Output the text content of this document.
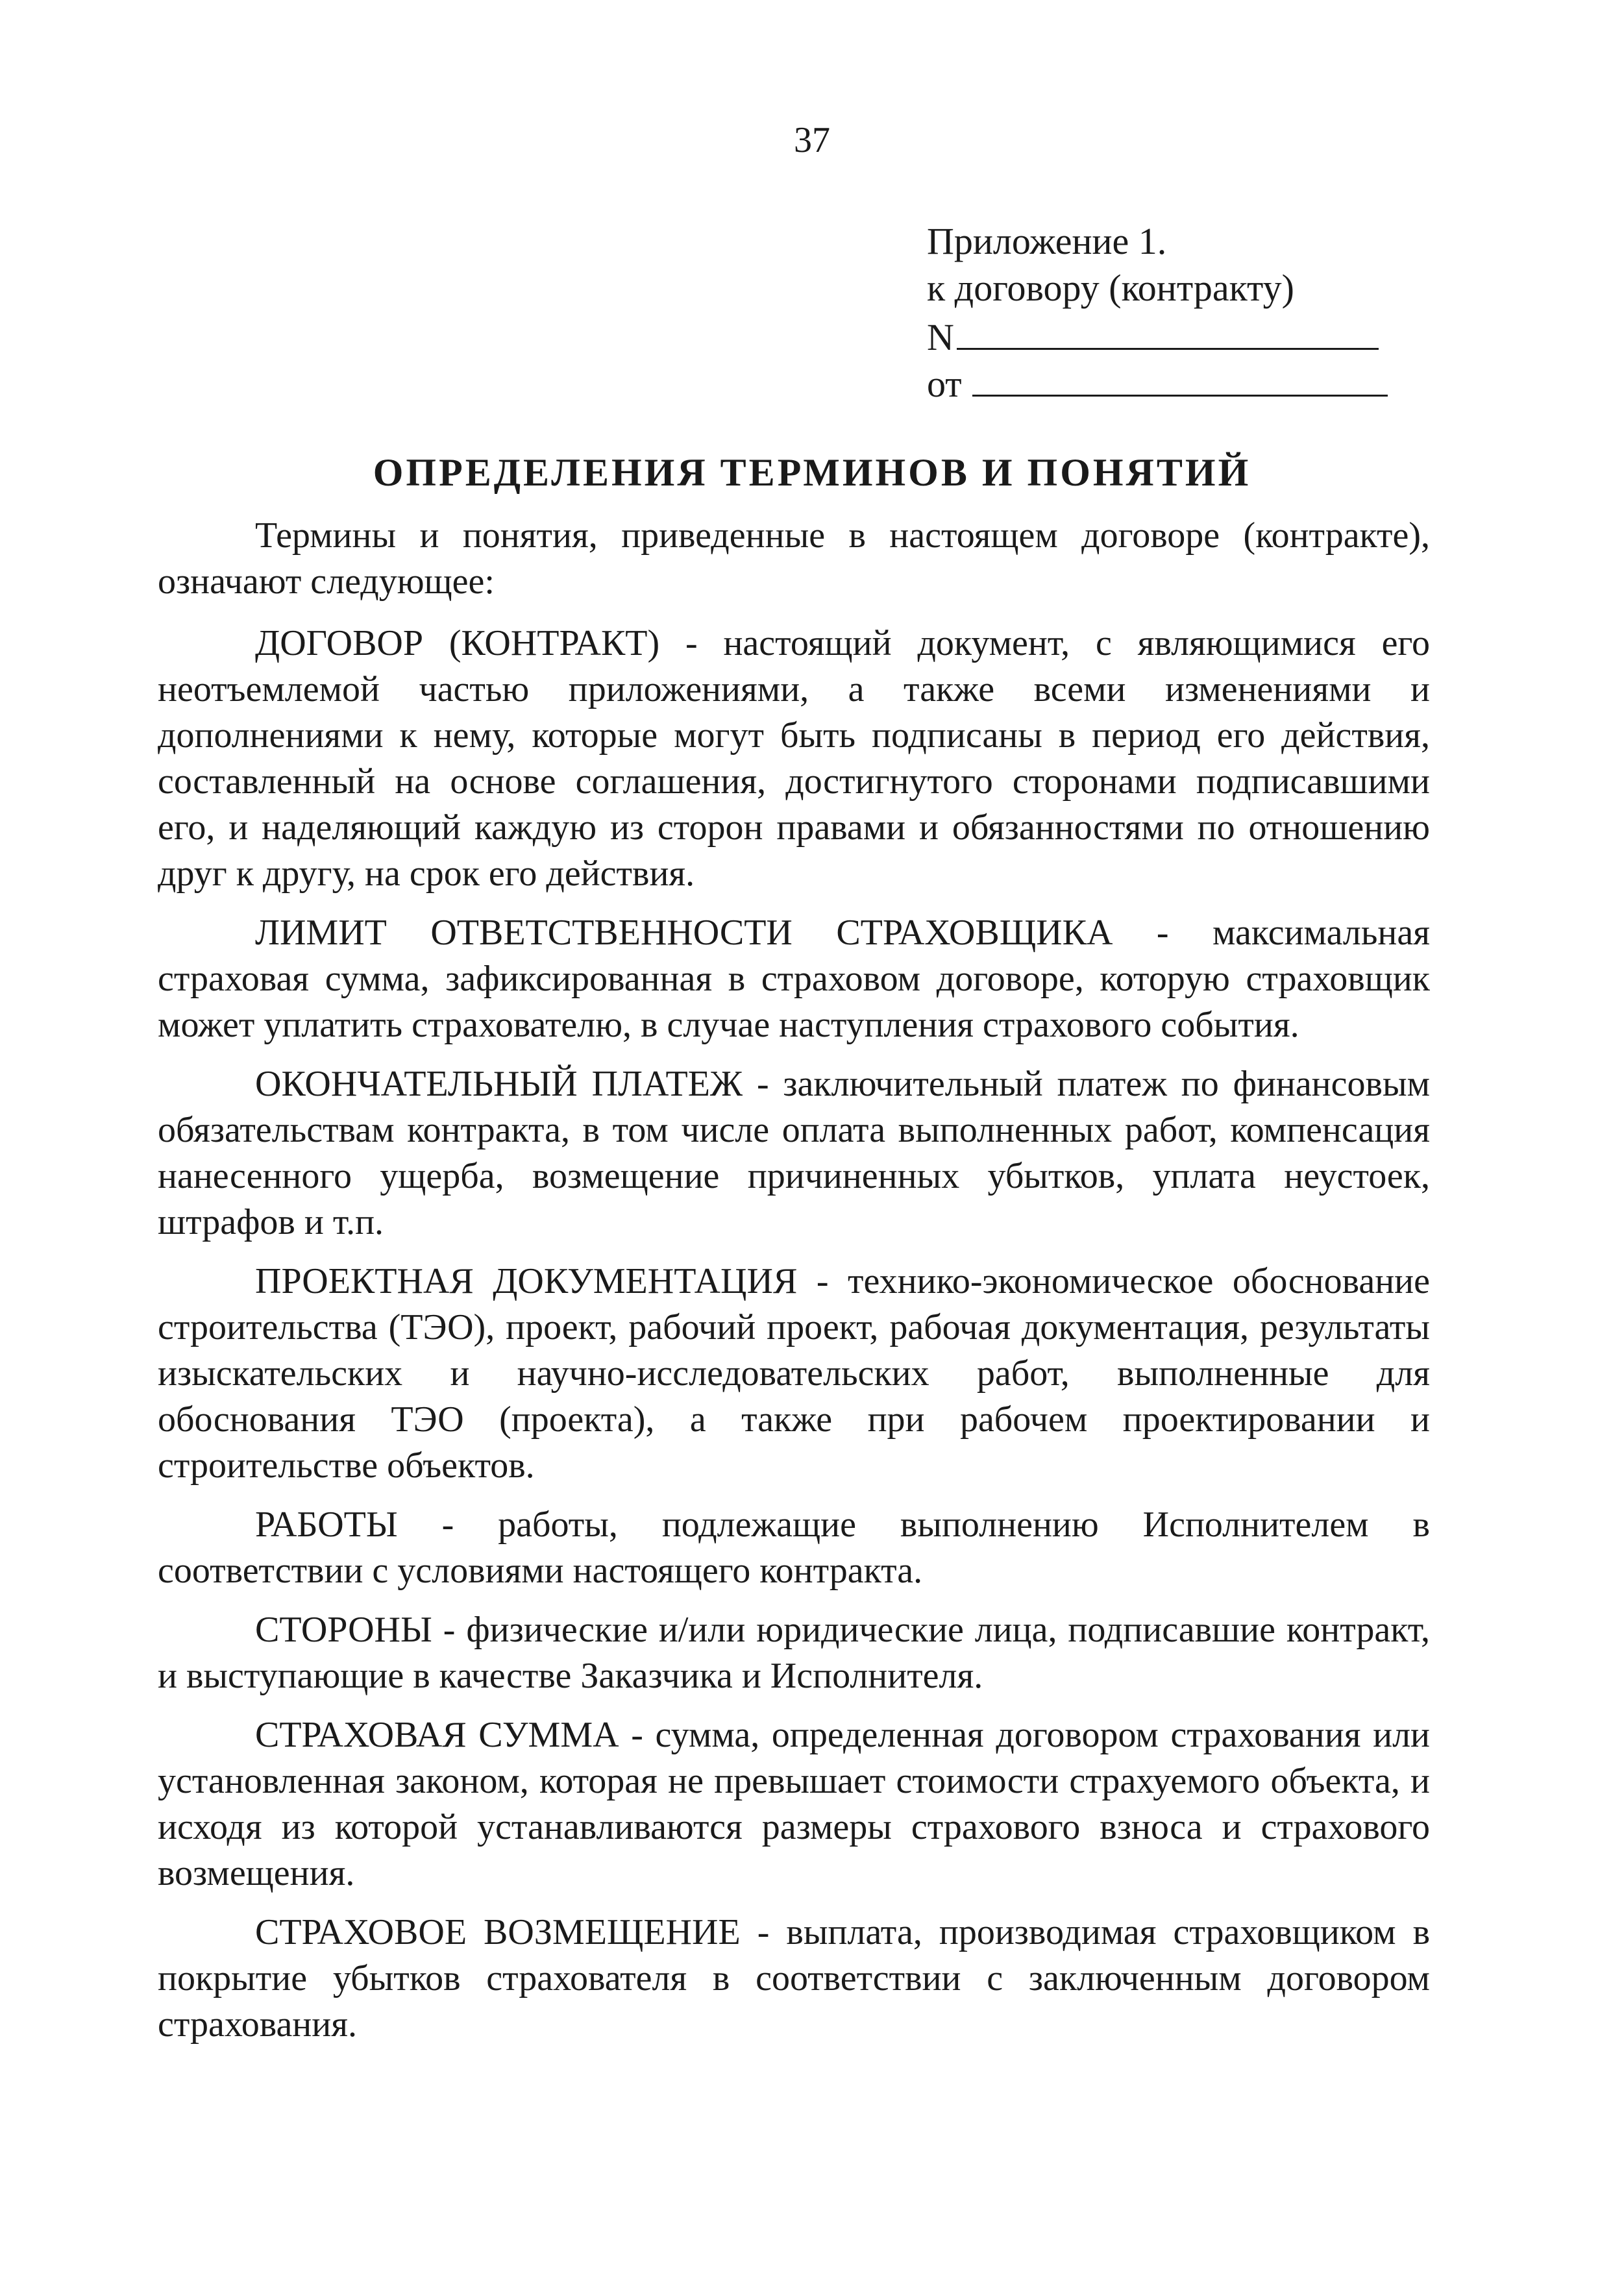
37
Приложение 1.
к договору (контракту)
N
от
ОПРЕДЕЛЕНИЯ ТЕРМИНОВ И ПОНЯТИЙ

Термины и понятия, приведенные в настоящем договоре (контракте), означают следующее:

ДОГОВОР (КОНТРАКТ) - настоящий документ, с являющимися его неотъемлемой частью приложениями, а также всеми изменениями и дополнениями к нему, которые могут быть подписаны в период его действия, составленный на основе соглашения, достигнутого сторонами подписавшими его, и наделяющий каждую из сторон правами и обязанностями по отношению друг к другу, на срок его действия.

ЛИМИТ ОТВЕТСТВЕННОСТИ СТРАХОВЩИКА - максимальная страховая сумма, зафиксированная в страховом договоре, которую страховщик может уплатить страхователю, в случае наступления страхового события.

ОКОНЧАТЕЛЬНЫЙ ПЛАТЕЖ - заключительный платеж по финансовым обязательствам контракта, в том числе оплата выполненных работ, компенсация нанесенного ущерба, возмещение причиненных убытков, уплата неустоек, штрафов и т.п.

ПРОЕКТНАЯ ДОКУМЕНТАЦИЯ - технико-экономическое обоснование строительства (ТЭО), проект, рабочий проект, рабочая документация, результаты изыскательских и научно-исследовательских работ, выполненные для обоснования ТЭО (проекта), а также при рабочем проектировании и строительстве объектов.

РАБОТЫ - работы, подлежащие выполнению Исполнителем в соответствии с условиями настоящего контракта.

СТОРОНЫ - физические и/или юридические лица, подписавшие контракт, и выступающие в качестве Заказчика и Исполнителя.

СТРАХОВАЯ СУММА - сумма, определенная договором страхования или установленная законом, которая не превышает стоимости страхуемого объекта, и исходя из которой устанавливаются размеры страхового взноса и страхового возмещения.

СТРАХОВОЕ ВОЗМЕЩЕНИЕ - выплата, производимая страховщиком в покрытие убытков страхователя в соответствии с заключенным договором страхования.
